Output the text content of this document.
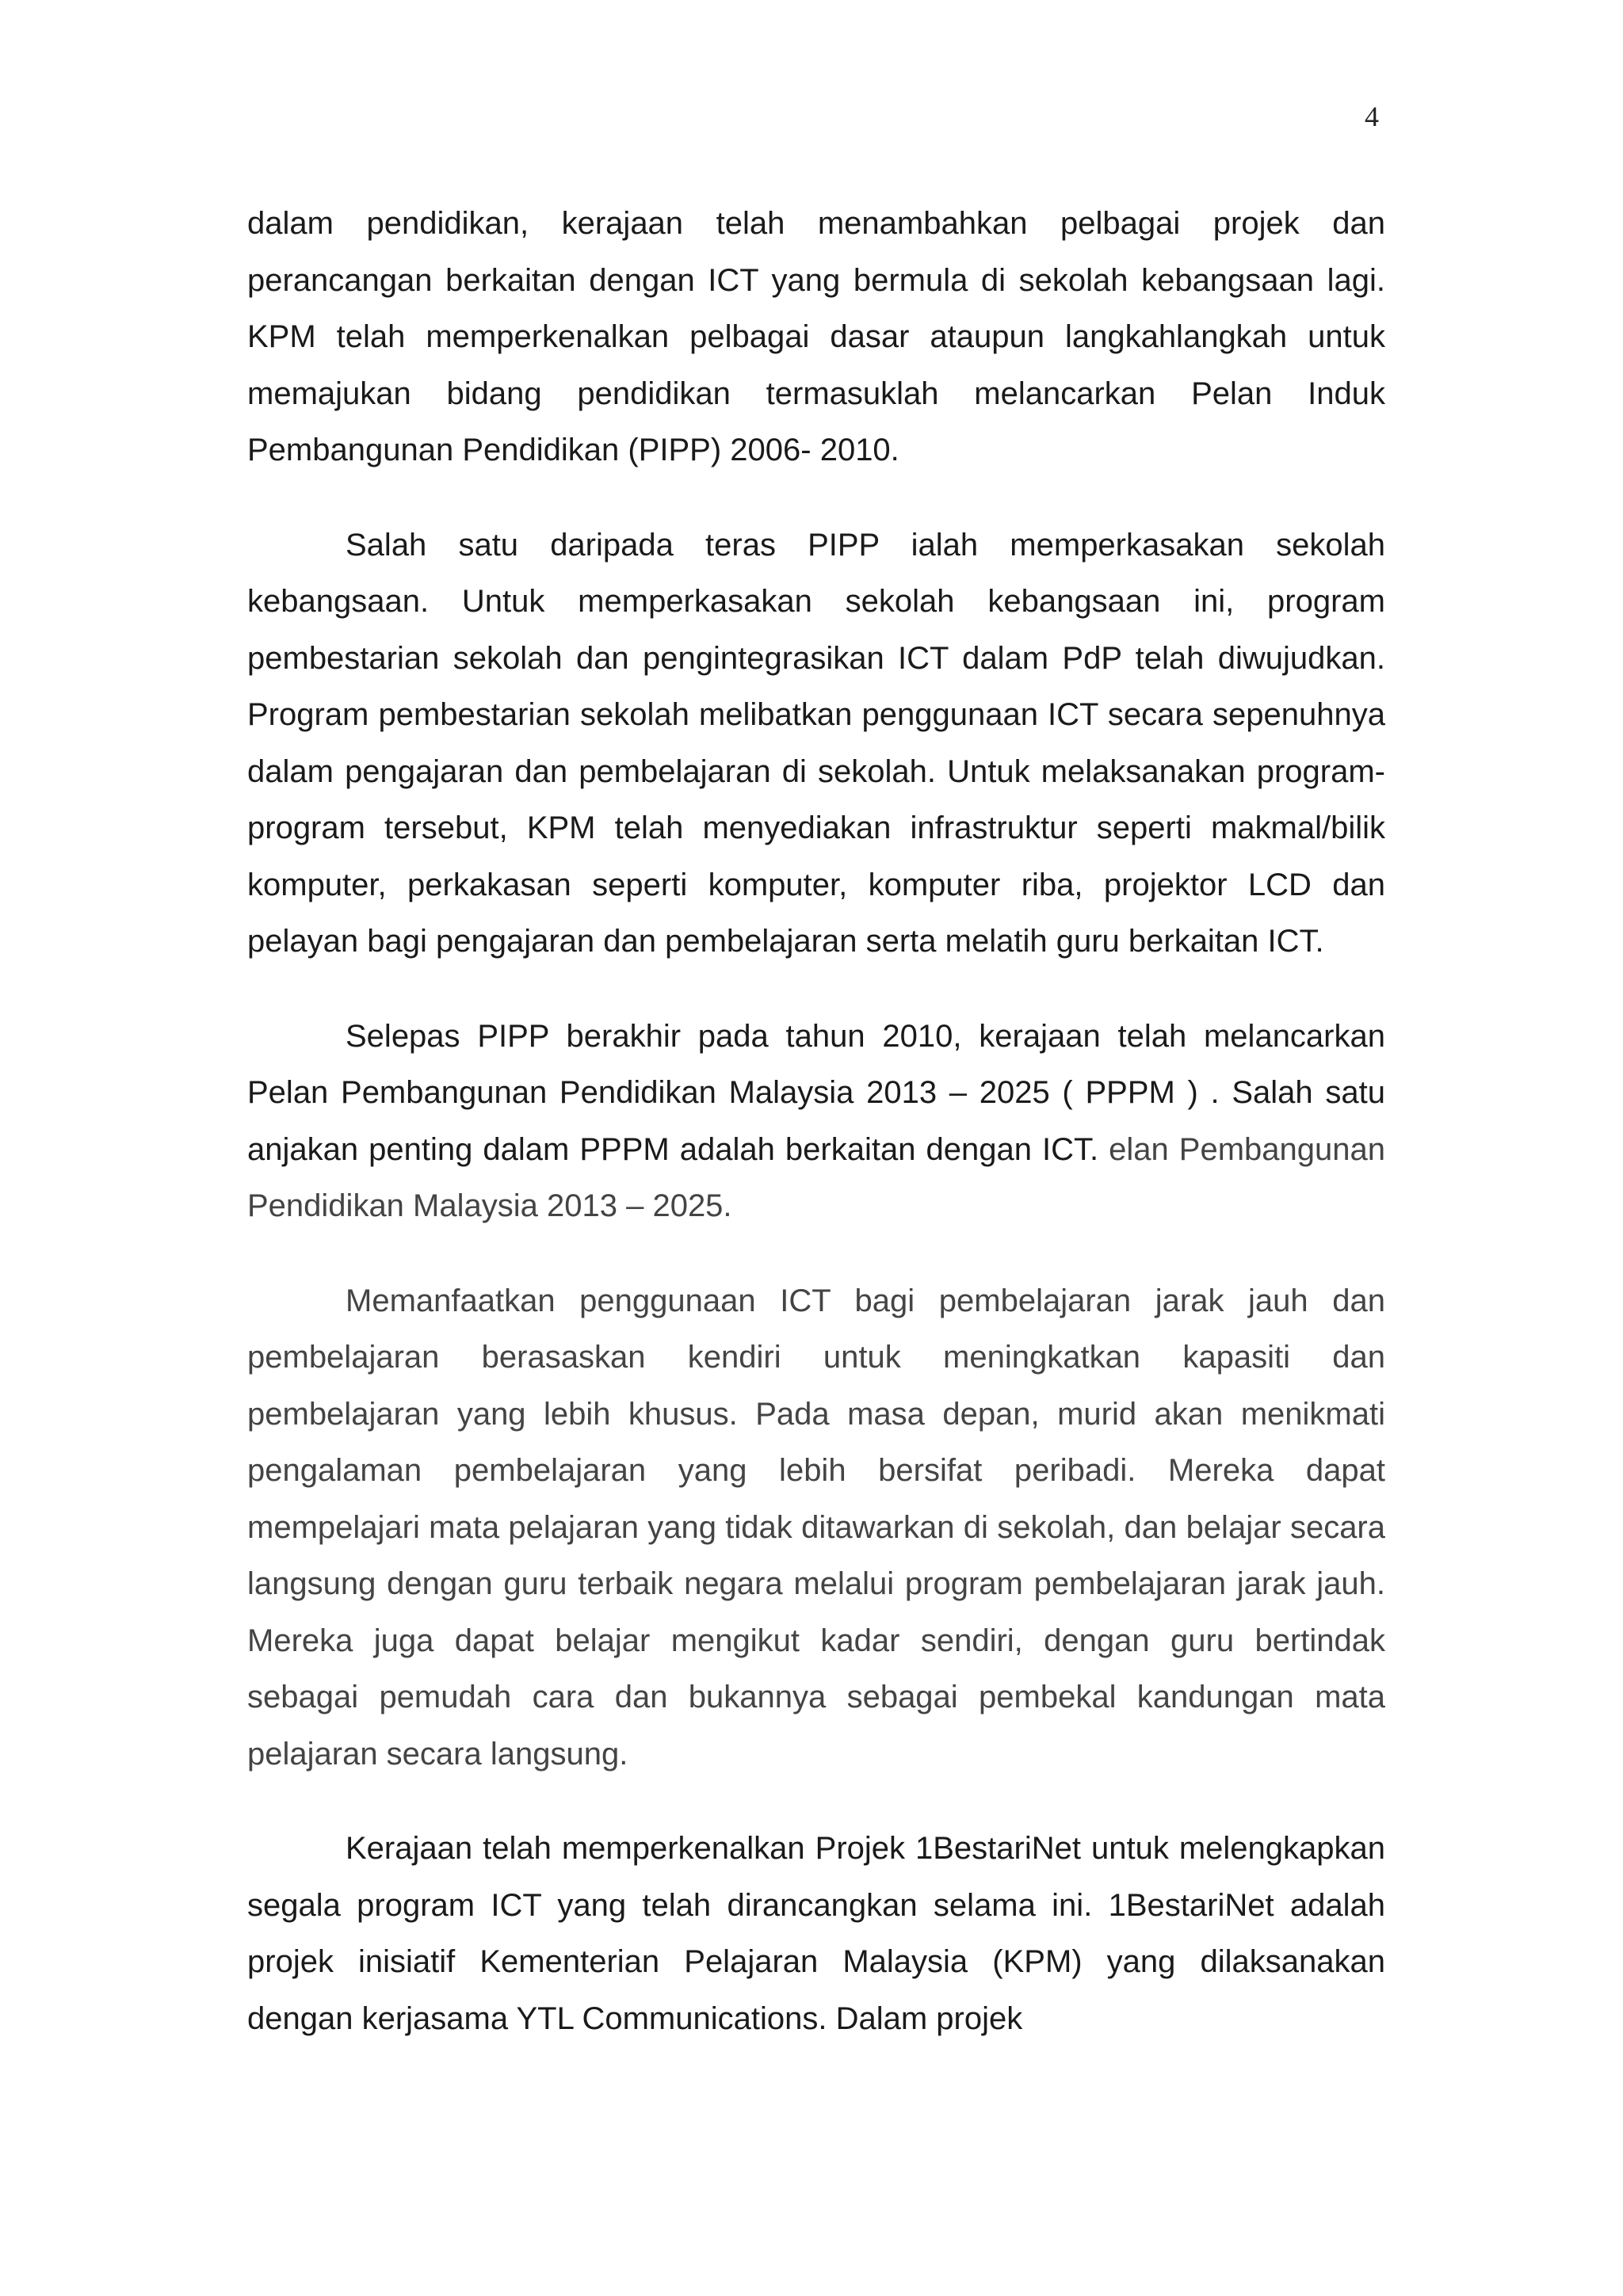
4

dalam pendidikan, kerajaan telah menambahkan pelbagai projek dan perancangan berkaitan dengan ICT yang bermula di sekolah kebangsaan lagi. KPM telah memperkenalkan pelbagai dasar ataupun langkahlangkah untuk memajukan bidang pendidikan termasuklah melancarkan Pelan Induk Pembangunan Pendidikan (PIPP) 2006- 2010.

Salah satu daripada teras PIPP ialah memperkasakan sekolah kebangsaan. Untuk memperkasakan sekolah kebangsaan ini, program pembestarian sekolah dan pengintegrasikan ICT dalam PdP telah diwujudkan. Program pembestarian sekolah melibatkan penggunaan ICT secara sepenuhnya dalam pengajaran dan pembelajaran di sekolah. Untuk melaksanakan program-program tersebut, KPM telah menyediakan infrastruktur seperti makmal/bilik komputer, perkakasan seperti komputer, komputer riba, projektor LCD dan pelayan bagi pengajaran dan pembelajaran serta melatih guru berkaitan ICT.

Selepas PIPP berakhir pada tahun 2010, kerajaan telah melancarkan Pelan Pembangunan Pendidikan Malaysia 2013 – 2025 ( PPPM ) . Salah satu anjakan penting dalam PPPM adalah berkaitan dengan ICT. elan Pembangunan Pendidikan Malaysia 2013 – 2025.

Memanfaatkan penggunaan ICT bagi pembelajaran jarak jauh dan pembelajaran berasaskan kendiri untuk meningkatkan kapasiti dan pembelajaran yang lebih khusus. Pada masa depan, murid akan menikmati pengalaman pembelajaran yang lebih bersifat peribadi. Mereka dapat mempelajari mata pelajaran yang tidak ditawarkan di sekolah, dan belajar secara langsung dengan guru terbaik negara melalui program pembelajaran jarak jauh. Mereka juga dapat belajar mengikut kadar sendiri, dengan guru bertindak sebagai pemudah cara dan bukannya sebagai pembekal kandungan mata pelajaran secara langsung.

Kerajaan telah memperkenalkan Projek 1BestariNet untuk melengkapkan segala program ICT yang telah dirancangkan selama ini. 1BestariNet adalah projek inisiatif Kementerian Pelajaran Malaysia (KPM) yang dilaksanakan dengan kerjasama YTL Communications. Dalam projek
